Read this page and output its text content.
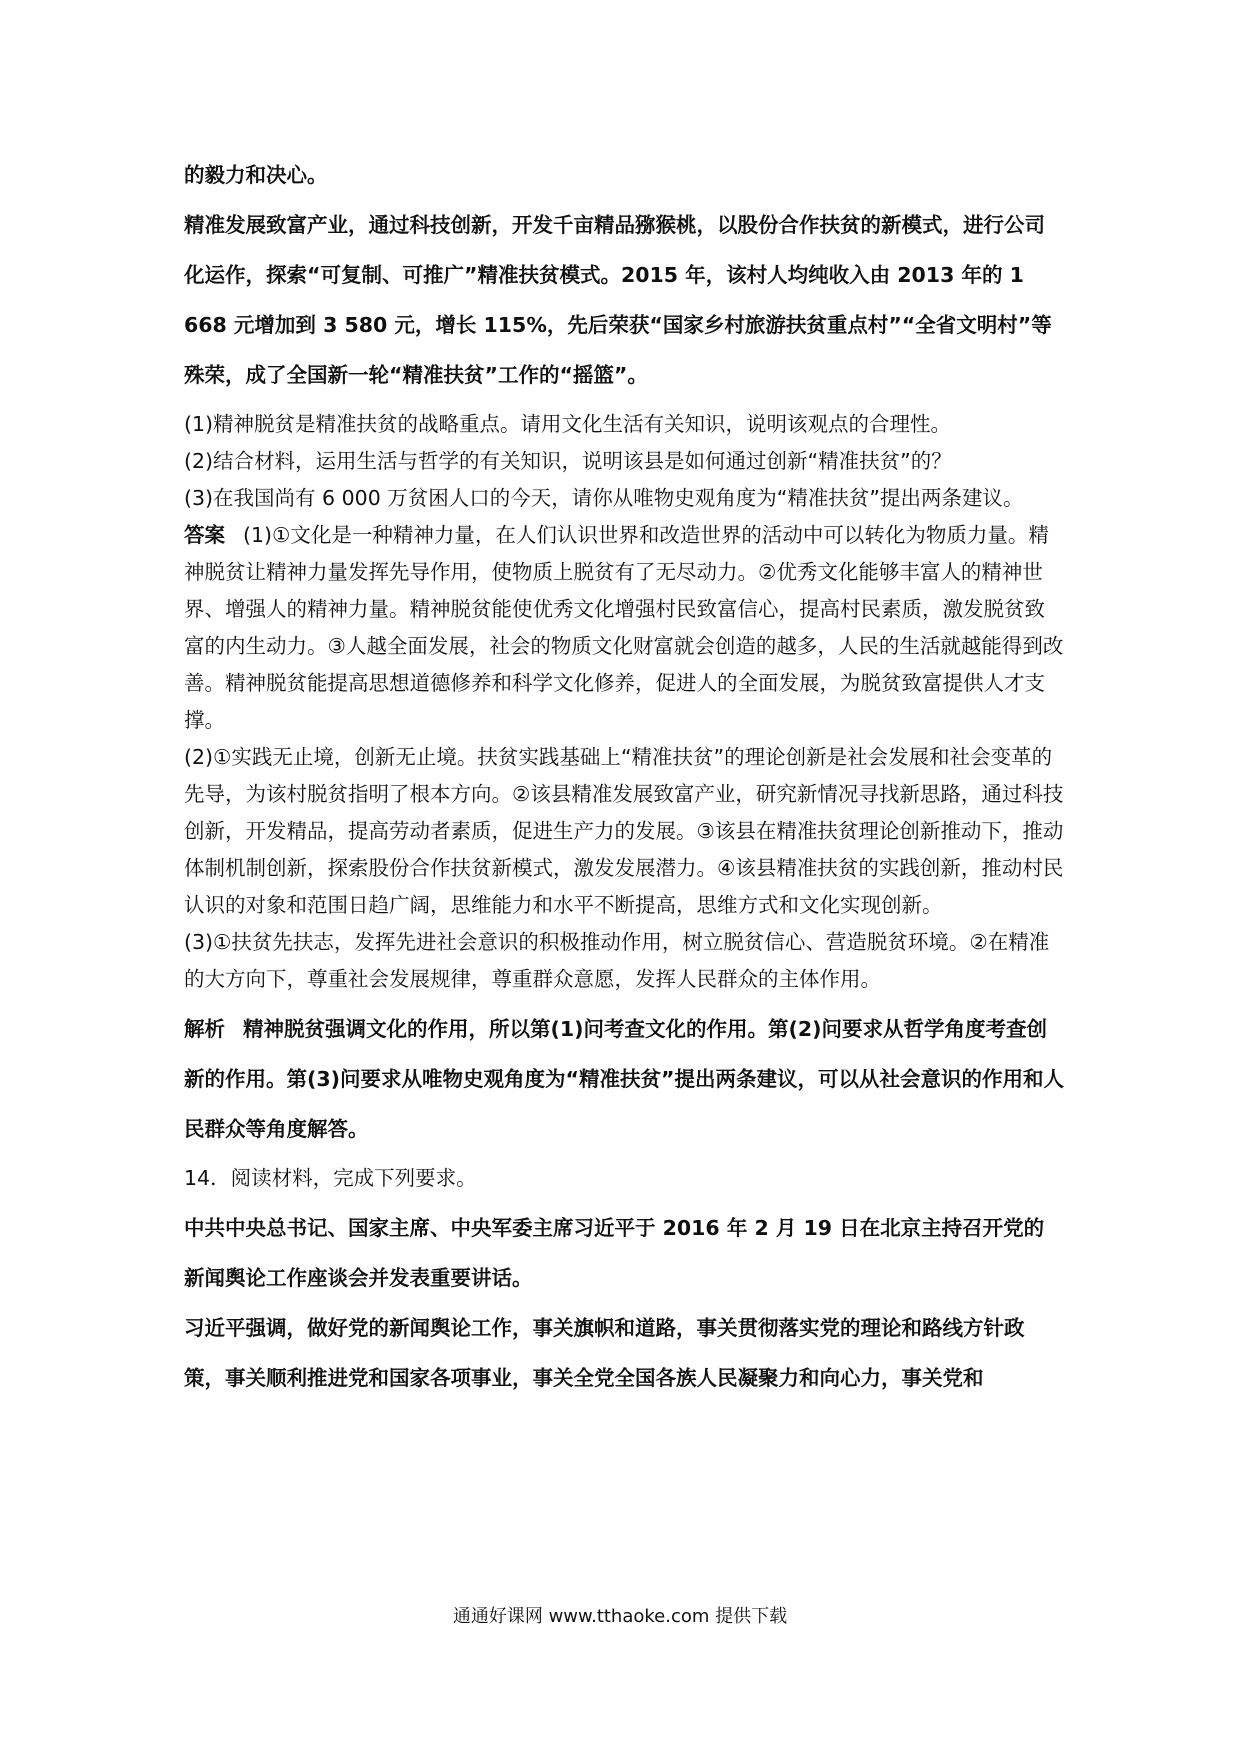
的毅力和决心。

精准发展致富产业，通过科技创新，开发千亩精品猕猴桃，以股份合作扶贫的新模式，进行公司化运作，探索“可复制、可推广”精准扶贫模式。2015 年，该村人均纯收入由 2013 年的 1 668 元增加到 3 580 元，增长 115%，先后荣获“国家乡村旅游扶贫重点村”“全省文明村”等殊荣，成了全国新一轮“精准扶贫”工作的“摇篮”。

(1)精神脱贫是精准扶贫的战略重点。请用文化生活有关知识，说明该观点的合理性。

(2)结合材料，运用生活与哲学的有关知识，说明该县是如何通过创新“精准扶贫”的？

(3)在我国尚有 6 000 万贫困人口的今天，请你从唯物史观角度为“精准扶贫”提出两条建议。

答案 (1)①文化是一种精神力量，在人们认识世界和改造世界的活动中可以转化为物质力量。精神脱贫让精神力量发挥先导作用，使物质上脱贫有了无尽动力。②优秀文化能够丰富人的精神世界、增强人的精神力量。精神脱贫能使优秀文化增强村民致富信心，提高村民素质，激发脱贫致富的内生动力。③人越全面发展，社会的物质文化财富就会创造的越多，人民的生活就越能得到改善。精神脱贫能提高思想道德修养和科学文化修养，促进人的全面发展，为脱贫致富提供人才支撑。

(2)①实践无止境，创新无止境。扶贫实践基础上“精准扶贫”的理论创新是社会发展和社会变革的先导，为该村脱贫指明了根本方向。②该县精准发展致富产业，研究新情况寻找新思路，通过科技创新，开发精品，提高劳动者素质，促进生产力的发展。③该县在精准扶贫理论创新推动下，推动体制机制创新，探索股份合作扶贫新模式，激发发展潜力。④该县精准扶贫的实践创新，推动村民认识的对象和范围日趋广阔，思维能力和水平不断提高，思维方式和文化实现创新。

(3)①扶贫先扶志，发挥先进社会意识的积极推动作用，树立脱贫信心、营造脱贫环境。②在精准的大方向下，尊重社会发展规律，尊重群众意愿，发挥人民群众的主体作用。

解析 精神脱贫强调文化的作用，所以第(1)问考查文化的作用。第(2)问要求从哲学角度考查创新的作用。第(3)问要求从唯物史观角度为“精准扶贫”提出两条建议，可以从社会意识的作用和人民群众等角度解答。

14．阅读材料，完成下列要求。

中共中央总书记、国家主席、中央军委主席习近平于 2016 年 2 月 19 日在北京主持召开党的新闻舆论工作座谈会并发表重要讲话。

习近平强调，做好党的新闻舆论工作，事关旗帜和道路，事关贯彻落实党的理论和路线方针政策，事关顺利推进党和国家各项事业，事关全党全国各族人民凝聚力和向心力，事关党和

通通好课网 www.tthaoke.com 提供下载
